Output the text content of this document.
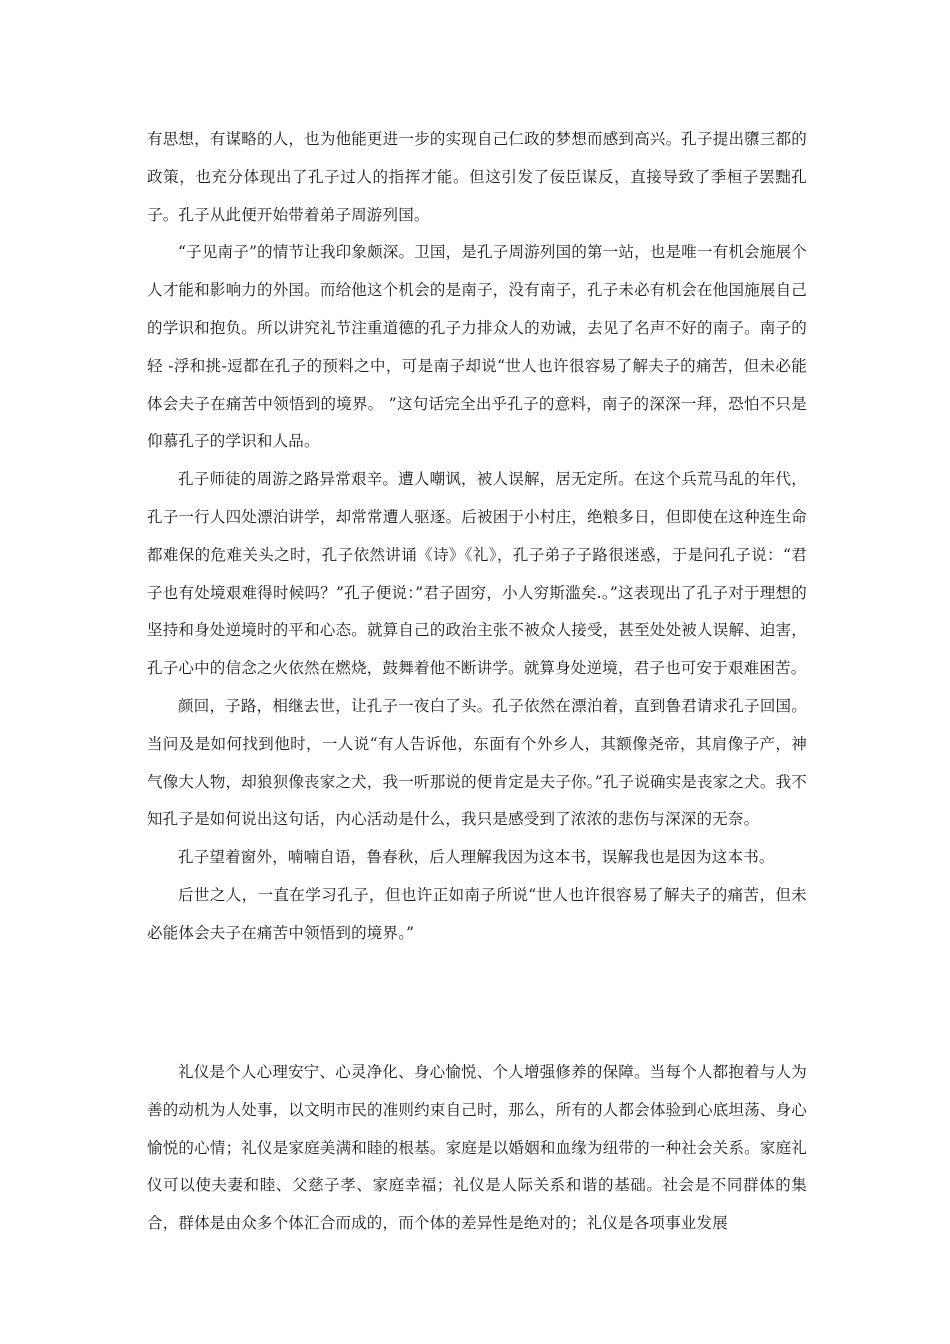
有思想，有谋略的人，也为他能更进一步的实现自己仁政的梦想而感到高兴。孔子提出隳三都的政策，也充分体现出了孔子过人的指挥才能。但这引发了佞臣谋反，直接导致了季桓子罢黜孔子。孔子从此便开始带着弟子周游列国。

“子见南子”的情节让我印象颇深。卫国，是孔子周游列国的第一站，也是唯一有机会施展个人才能和影响力的外国。而给他这个机会的是南子，没有南子，孔子未必有机会在他国施展自己的学识和抱负。所以讲究礼节注重道德的孔子力排众人的劝诫，去见了名声不好的南子。南子的轻 -浮和挑-逗都在孔子的预料之中，可是南子却说“世人也许很容易了解夫子的痛苦，但未必能体会夫子在痛苦中领悟到的境界。 ”这句话完全出乎孔子的意料，南子的深深一拜，恐怕不只是仰慕孔子的学识和人品。

孔子师徒的周游之路异常艰辛。遭人嘲讽，被人误解，居无定所。在这个兵荒马乱的年代，孔子一行人四处漂泊讲学，却常常遭人驱逐。后被困于小村庄，绝粮多日，但即使在这种连生命都难保的危难关头之时，孔子依然讲诵《诗》《礼》，孔子弟子子路很迷惑，于是问孔子说：“君子也有处境艰难得时候吗？”孔子便说：”君子固穷，小人穷斯滥矣.。”这表现出了孔子对于理想的坚持和身处逆境时的平和心态。就算自己的政治主张不被众人接受，甚至处处被人误解、迫害，孔子心中的信念之火依然在燃烧，鼓舞着他不断讲学。就算身处逆境，君子也可安于艰难困苦。

颜回，子路，相继去世，让孔子一夜白了头。孔子依然在漂泊着，直到鲁君请求孔子回国。当问及是如何找到他时，一人说“有人告诉他，东面有个外乡人，其额像尧帝，其肩像子产，神气像大人物，却狼狈像丧家之犬，我一听那说的便肯定是夫子你。”孔子说确实是丧家之犬。我不知孔子是如何说出这句话，内心活动是什么，我只是感受到了浓浓的悲伤与深深的无奈。

孔子望着窗外，喃喃自语，鲁春秋，后人理解我因为这本书，误解我也是因为这本书。

后世之人，一直在学习孔子，但也许正如南子所说“世人也许很容易了解夫子的痛苦，但未必能体会夫子在痛苦中领悟到的境界。”

礼仪是个人心理安宁、心灵净化、身心愉悦、个人增强修养的保障。当每个人都抱着与人为善的动机为人处事，以文明市民的准则约束自己时，那么，所有的人都会体验到心底坦荡、身心愉悦的心情；礼仪是家庭美满和睦的根基。家庭是以婚姻和血缘为纽带的一种社会关系。家庭礼仪可以使夫妻和睦、父慈子孝、家庭幸福；礼仪是人际关系和谐的基础。社会是不同群体的集合，群体是由众多个体汇合而成的，而个体的差异性是绝对的；礼仪是各项事业发展
